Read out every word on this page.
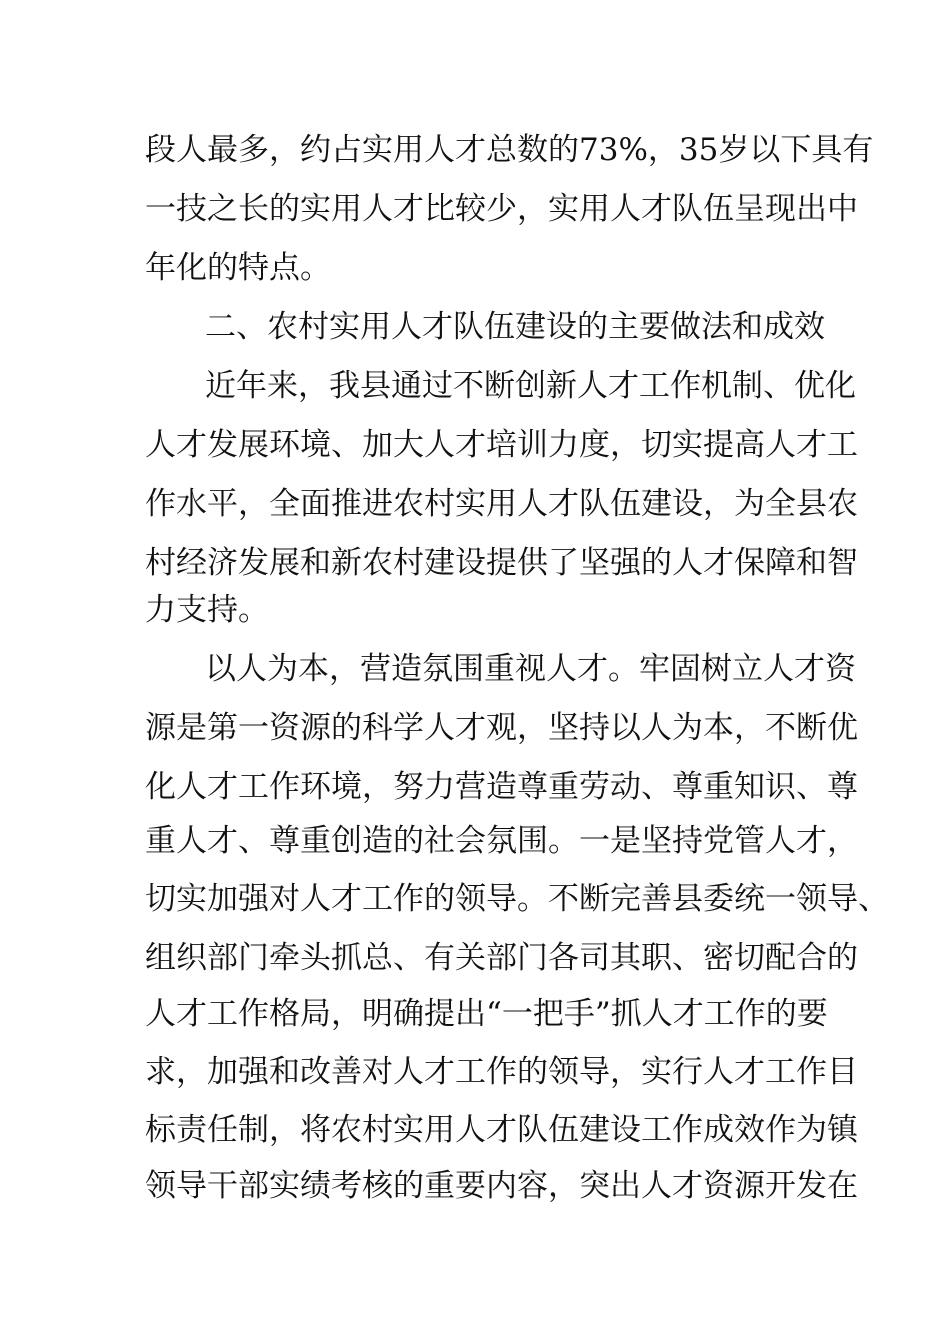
段人最多，约占实用人才总数的73%，35岁以下具有

一技之长的实用人才比较少，实用人才队伍呈现出中

年化的特点。

二、农村实用人才队伍建设的主要做法和成效

近年来，我县通过不断创新人才工作机制、优化

人才发展环境、加大人才培训力度，切实提高人才工

作水平，全面推进农村实用人才队伍建设，为全县农

村经济发展和新农村建设提供了坚强的人才保障和智

力支持。

以人为本，营造氛围重视人才。牢固树立人才资

源是第一资源的科学人才观，坚持以人为本，不断优

化人才工作环境，努力营造尊重劳动、尊重知识、尊

重人才、尊重创造的社会氛围。一是坚持党管人才，

切实加强对人才工作的领导。不断完善县委统一领导、

组织部门牵头抓总、有关部门各司其职、密切配合的

人才工作格局，明确提出“一把手”抓人才工作的要

求，加强和改善对人才工作的领导，实行人才工作目

标责任制，将农村实用人才队伍建设工作成效作为镇

领导干部实绩考核的重要内容，突出人才资源开发在
